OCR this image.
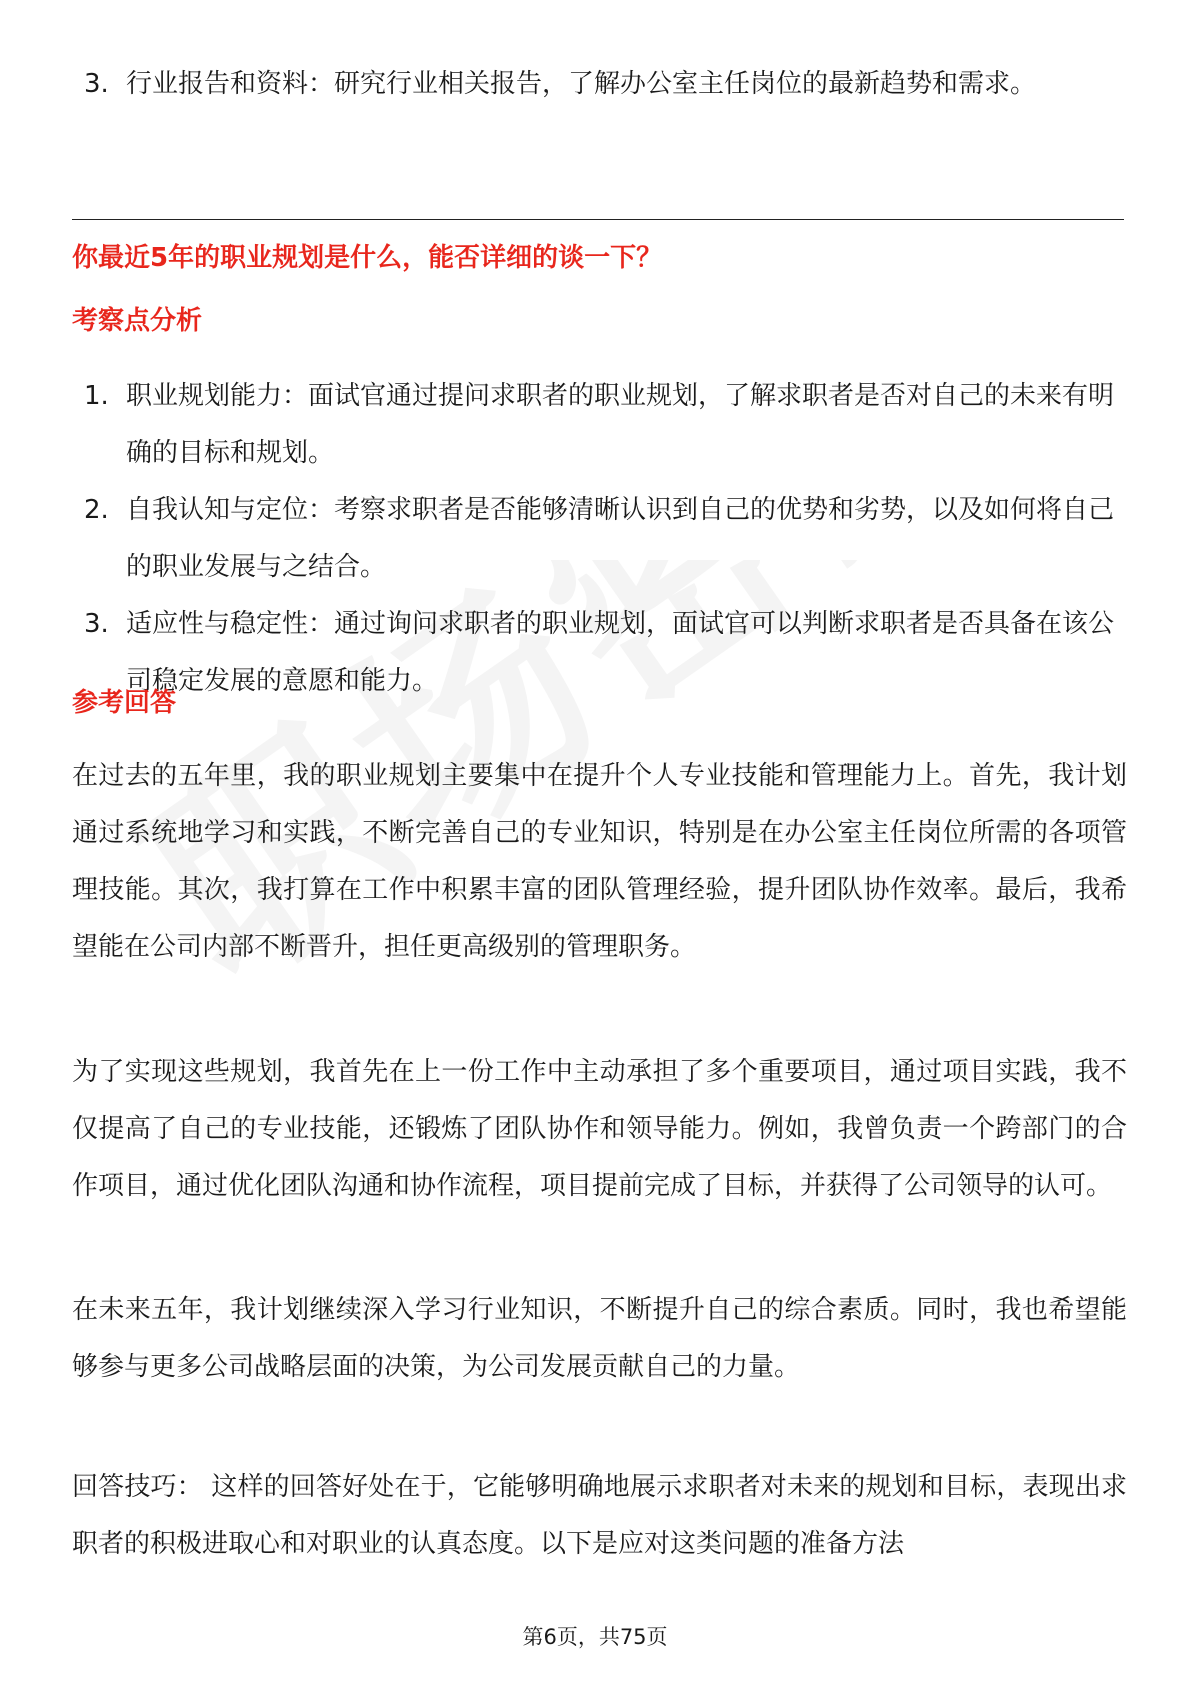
3. 行业报告和资料：研究行业相关报告，了解办公室主任岗位的最新趋势和需求。
你最近5年的职业规划是什么，能否详细的谈一下？
考察点分析
1. 职业规划能力：面试官通过提问求职者的职业规划，了解求职者是否对自己的未来有明确的目标和规划。
2. 自我认知与定位：考察求职者是否能够清晰认识到自己的优势和劣势，以及如何将自己的职业发展与之结合。
3. 适应性与稳定性：通过询问求职者的职业规划，面试官可以判断求职者是否具备在该公司稳定发展的意愿和能力。
参考回答

在过去的五年里，我的职业规划主要集中在提升个人专业技能和管理能力上。首先，我计划通过系统地学习和实践，不断完善自己的专业知识，特别是在办公室主任岗位所需的各项管理技能。其次，我打算在工作中积累丰富的团队管理经验，提升团队协作效率。最后，我希望能在公司内部不断晋升，担任更高级别的管理职务。

为了实现这些规划，我首先在上一份工作中主动承担了多个重要项目，通过项目实践，我不仅提高了自己的专业技能，还锻炼了团队协作和领导能力。例如，我曾负责一个跨部门的合作项目，通过优化团队沟通和协作流程，项目提前完成了目标，并获得了公司领导的认可。

在未来五年，我计划继续深入学习行业知识，不断提升自己的综合素质。同时，我也希望能够参与更多公司战略层面的决策，为公司发展贡献自己的力量。

回答技巧： 这样的回答好处在于，它能够明确地展示求职者对未来的规划和目标，表现出求职者的积极进取心和对职业的认真态度。以下是应对这类问题的准备方法

第6页，共75页
